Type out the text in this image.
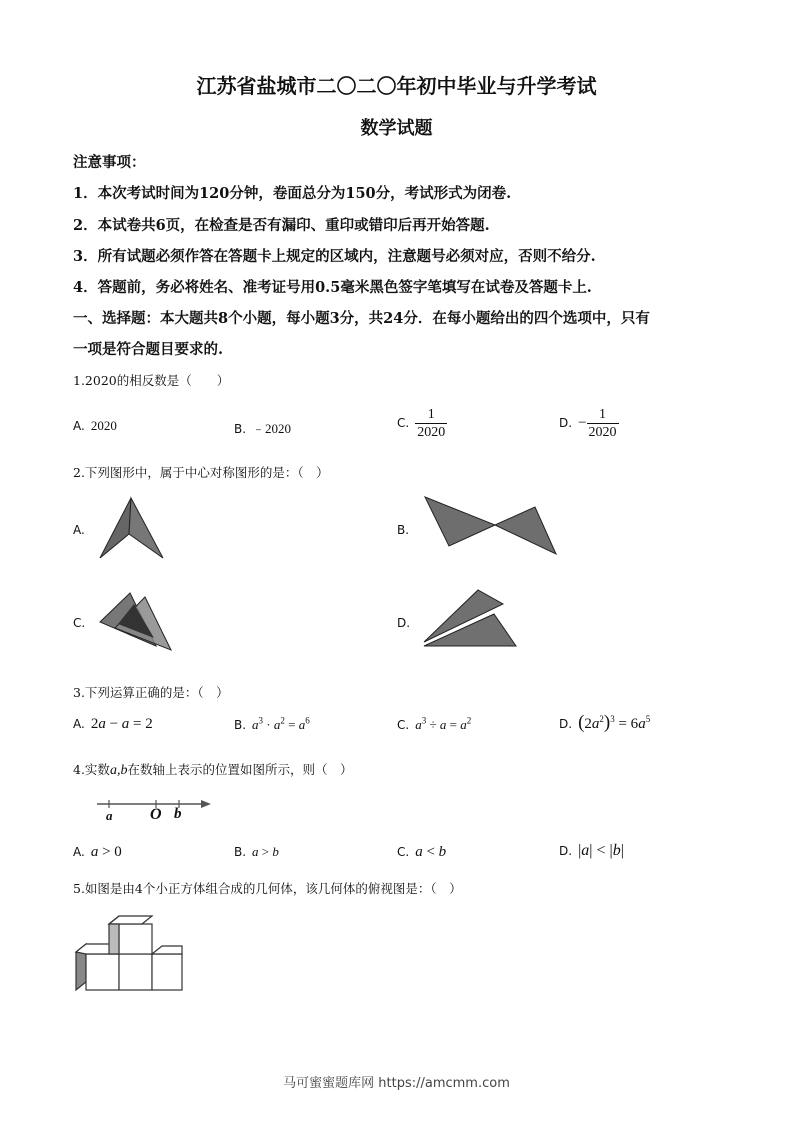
江苏省盐城市二〇二〇年初中毕业与升学考试
数学试题
注意事项：
1．本次考试时间为120分钟，卷面总分为150分，考试形式为闭卷.
2．本试卷共6页，在检查是否有漏印、重印或错印后再开始答题.
3．所有试题必须作答在答题卡上规定的区域内，注意题号必须对应，否则不给分.
4．答题前，务必将姓名、准考证号用0.5毫米黑色签字笔填写在试卷及答题卡上.
一、选择题：本大题共8个小题，每小题3分，共24分．在每小题给出的四个选项中，只有
一项是符合题目要求的.
1.2020的相反数是（　　）
A. 2020	B. ﹣2020	C. $\frac{1}{2020}$	D. − $\frac{1}{2020}$
2.下列图形中，属于中心对称图形的是：（　）
A.	B.
C.	D.
3.下列运算正确的是：（　）
A. 2a − a = 2	B. $a^3 \cdot a^2 = a^6$	C. $a^3 \div a = a^2$	D. $(2a^2)^3 = 6a^5$
4.实数a,b在数轴上表示的位置如图所示，则（　）
a O b
A. a > 0	B. a > b	C. a < b	D. |a| < |b|
5.如图是由4个小正方体组合成的几何体，该几何体的俯视图是：（　）
马可蜜蜜题库网 https://amcmm.com
